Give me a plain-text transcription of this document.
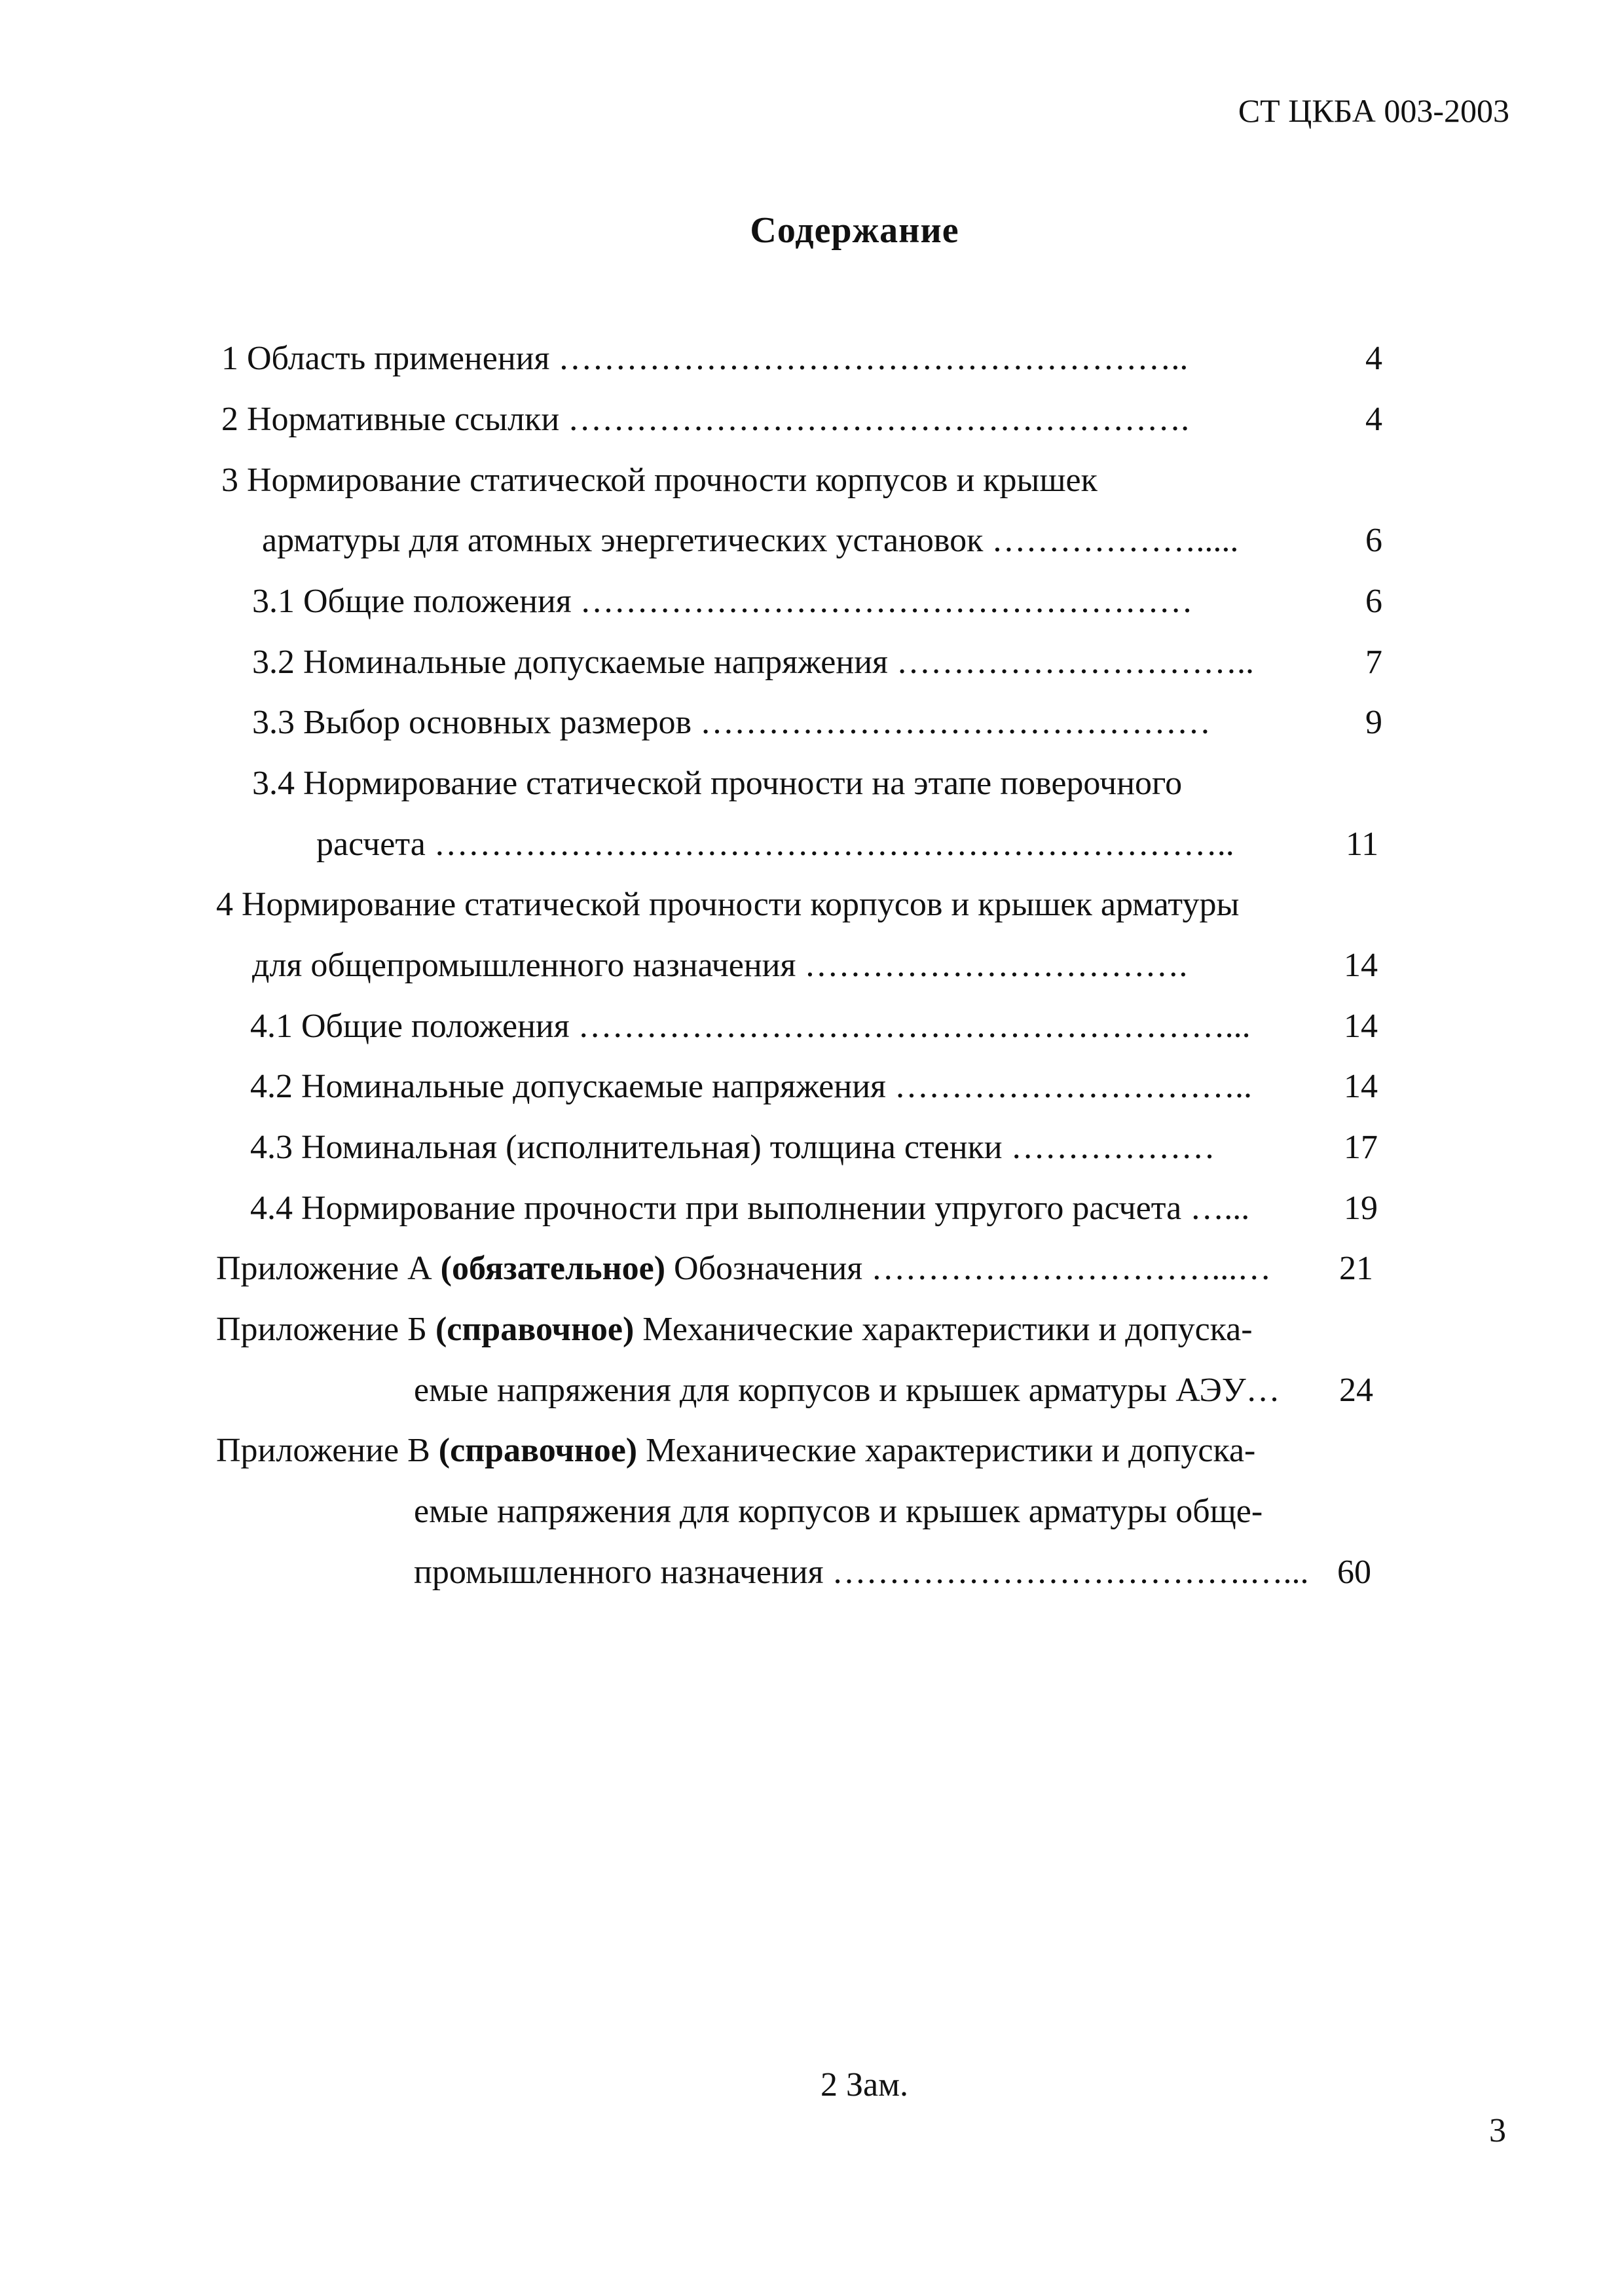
СТ ЦКБА 003-2003
Содержание
1 Область применения ………………………………………………..	4
2 Нормативные ссылки ……………………………………………….	4
3 Нормирование статической прочности корпусов и крышек
арматуры для атомных энергетических установок ……………….....	6
3.1 Общие положения ………………………………………………	6
3.2 Номинальные допускаемые напряжения …………………………..	7
3.3 Выбор основных размеров ………………………………………	9
3.4 Нормирование статической прочности на этапе поверочного
расчета ……………………………………………………………..	11
4 Нормирование статической прочности корпусов и крышек арматуры
для общепромышленного назначения …………………………….	14
4.1 Общие положения …………………………………………………...	14
4.2 Номинальные допускаемые напряжения …………………………..	14
4.3 Номинальная (исполнительная) толщина стенки ………………	17
4.4 Нормирование прочности при выполнении упругого расчета …...	19
Приложение А (обязательное) Обозначения …………………………...… 21
Приложение Б (справочное) Механические характеристики и допуска-
емые напряжения для корпусов и крышек арматуры АЭУ… 24
Приложение В (справочное) Механические характеристики и допуска-
емые напряжения для корпусов и крышек арматуры обще-
промышленного назначения ……………………………….…... 60
2 Зам.
3
